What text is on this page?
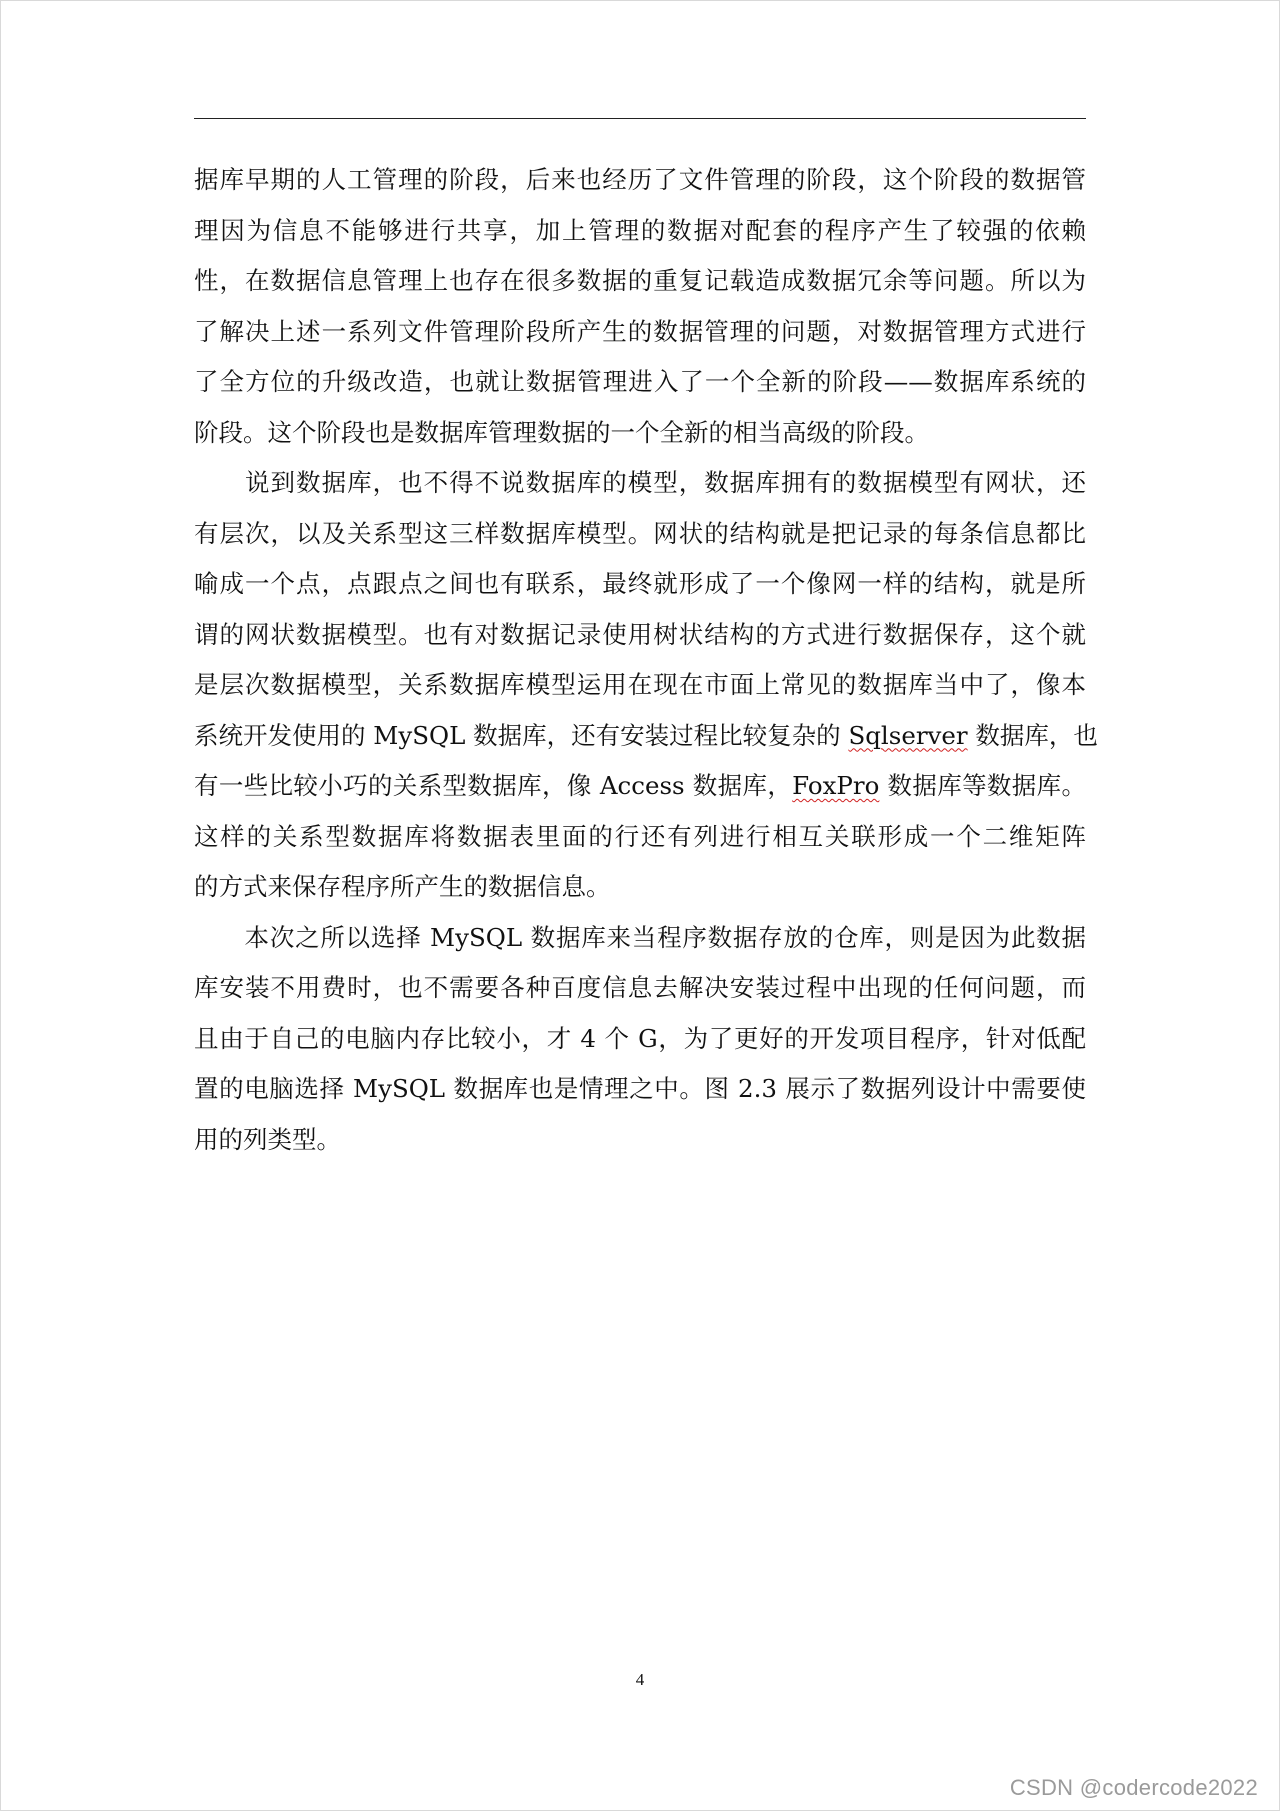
据库早期的人工管理的阶段，后来也经历了文件管理的阶段，这个阶段的数据管
理因为信息不能够进行共享，加上管理的数据对配套的程序产生了较强的依赖
性，在数据信息管理上也存在很多数据的重复记载造成数据冗余等问题。所以为
了解决上述一系列文件管理阶段所产生的数据管理的问题，对数据管理方式进行
了全方位的升级改造，也就让数据管理进入了一个全新的阶段——数据库系统的
阶段。这个阶段也是数据库管理数据的一个全新的相当高级的阶段。
　　说到数据库，也不得不说数据库的模型，数据库拥有的数据模型有网状，还
有层次，以及关系型这三样数据库模型。网状的结构就是把记录的每条信息都比
喻成一个点，点跟点之间也有联系，最终就形成了一个像网一样的结构，就是所
谓的网状数据模型。也有对数据记录使用树状结构的方式进行数据保存，这个就
是层次数据模型，关系数据库模型运用在现在市面上常见的数据库当中了，像本
系统开发使用的 MySQL 数据库，还有安装过程比较复杂的 Sqlserver 数据库，也
有一些比较小巧的关系型数据库，像 Access 数据库，FoxPro 数据库等数据库。
这样的关系型数据库将数据表里面的行还有列进行相互关联形成一个二维矩阵
的方式来保存程序所产生的数据信息。
　　本次之所以选择 MySQL 数据库来当程序数据存放的仓库，则是因为此数据
库安装不用费时，也不需要各种百度信息去解决安装过程中出现的任何问题，而
且由于自己的电脑内存比较小，才 4 个 G，为了更好的开发项目程序，针对低配
置的电脑选择 MySQL 数据库也是情理之中。图 2.3 展示了数据列设计中需要使
用的列类型。
4
CSDN @codercode2022
